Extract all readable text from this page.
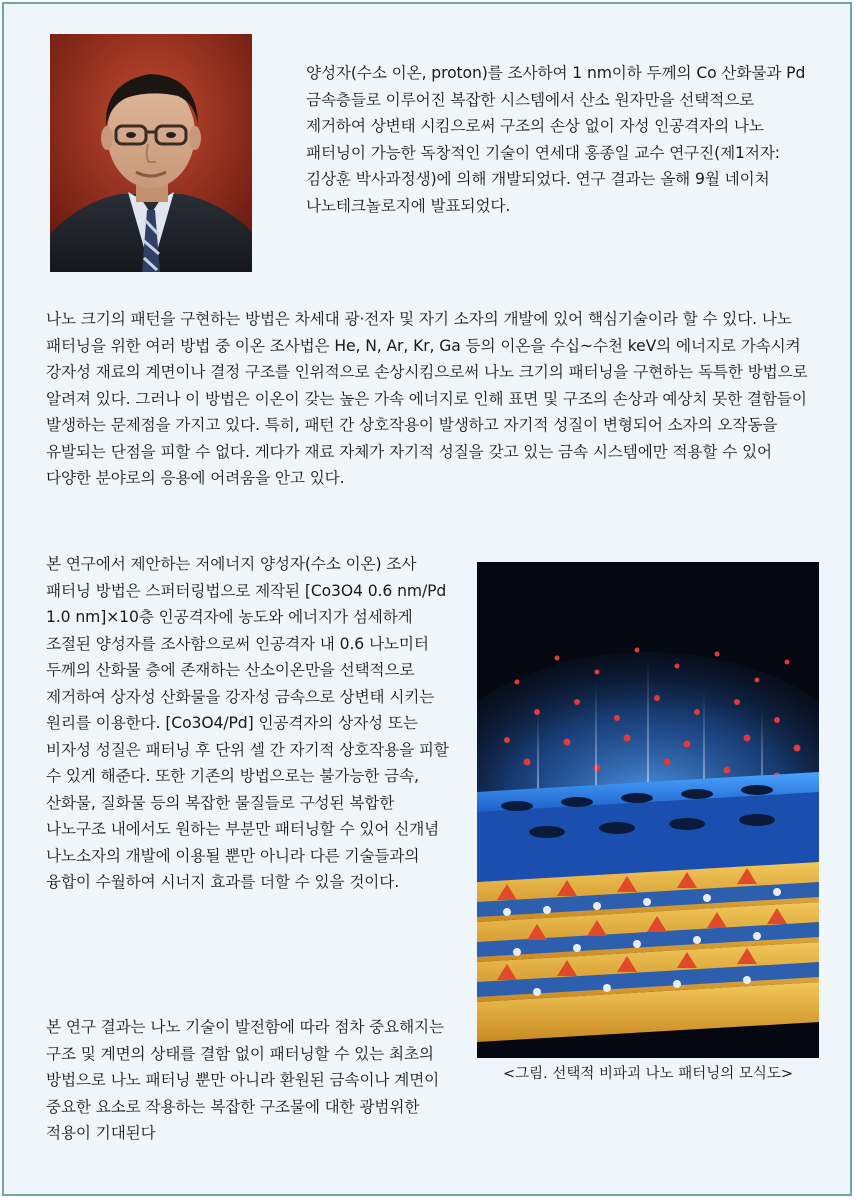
양성자(수소 이온, proton)를 조사하여 1 nm이하 두께의 Co 산화물과 Pd 금속층들로 이루어진 복잡한 시스템에서 산소 원자만을 선택적으로 제거하여 상변태 시킴으로써 구조의 손상 없이 자성 인공격자의 나노 패터닝이 가능한 독창적인 기술이 연세대 홍종일 교수 연구진(제1저자: 김상훈 박사과정생)에 의해 개발되었다. 연구 결과는 올해 9월 네이처 나노테크놀로지에 발표되었다.

나노 크기의 패턴을 구현하는 방법은 차세대 광·전자 및 자기 소자의 개발에 있어 핵심기술이라 할 수 있다. 나노 패터닝을 위한 여러 방법 중 이온 조사법은 He, N, Ar, Kr, Ga 등의 이온을 수십~수천 keV의 에너지로 가속시켜 강자성 재료의 계면이나 결정 구조를 인위적으로 손상시킴으로써 나노 크기의 패터닝을 구현하는 독특한 방법으로 알려져 있다. 그러나 이 방법은 이온이 갖는 높은 가속 에너지로 인해 표면 및 구조의 손상과 예상치 못한 결함들이 발생하는 문제점을 가지고 있다. 특히, 패턴 간 상호작용이 발생하고 자기적 성질이 변형되어 소자의 오작동을 유발되는 단점을 피할 수 없다. 게다가 재료 자체가 자기적 성질을 갖고 있는 금속 시스템에만 적용할 수 있어 다양한 분야로의 응용에 어려움을 안고 있다.

본 연구에서 제안하는 저에너지 양성자(수소 이온) 조사 패터닝 방법은 스퍼터링법으로 제작된 [Co3O4 0.6 nm/Pd 1.0 nm]×10층 인공격자에 농도와 에너지가 섬세하게 조절된 양성자를 조사함으로써 인공격자 내 0.6 나노미터 두께의 산화물 층에 존재하는 산소이온만을 선택적으로 제거하여 상자성 산화물을 강자성 금속으로 상변태 시키는 원리를 이용한다. [Co3O4/Pd] 인공격자의 상자성 또는 비자성 성질은 패터닝 후 단위 셀 간 자기적 상호작용을 피할 수 있게 해준다. 또한 기존의 방법으로는 불가능한 금속, 산화물, 질화물 등의 복잡한 물질들로 구성된 복합한 나노구조 내에서도 원하는 부분만 패터닝할 수 있어 신개념 나노소자의 개발에 이용될 뿐만 아니라 다른 기술들과의 융합이 수월하여 시너지 효과를 더할 수 있을 것이다.

본 연구 결과는 나노 기술이 발전함에 따라 점차 중요해지는 구조 및 계면의 상태를 결함 없이 패터닝할 수 있는 최초의 방법으로 나노 패터닝 뿐만 아니라 환원된 금속이나 계면이 중요한 요소로 작용하는 복잡한 구조물에 대한 광범위한 적용이 기대된다

<그림. 선택적 비파괴 나노 패터닝의 모식도>
